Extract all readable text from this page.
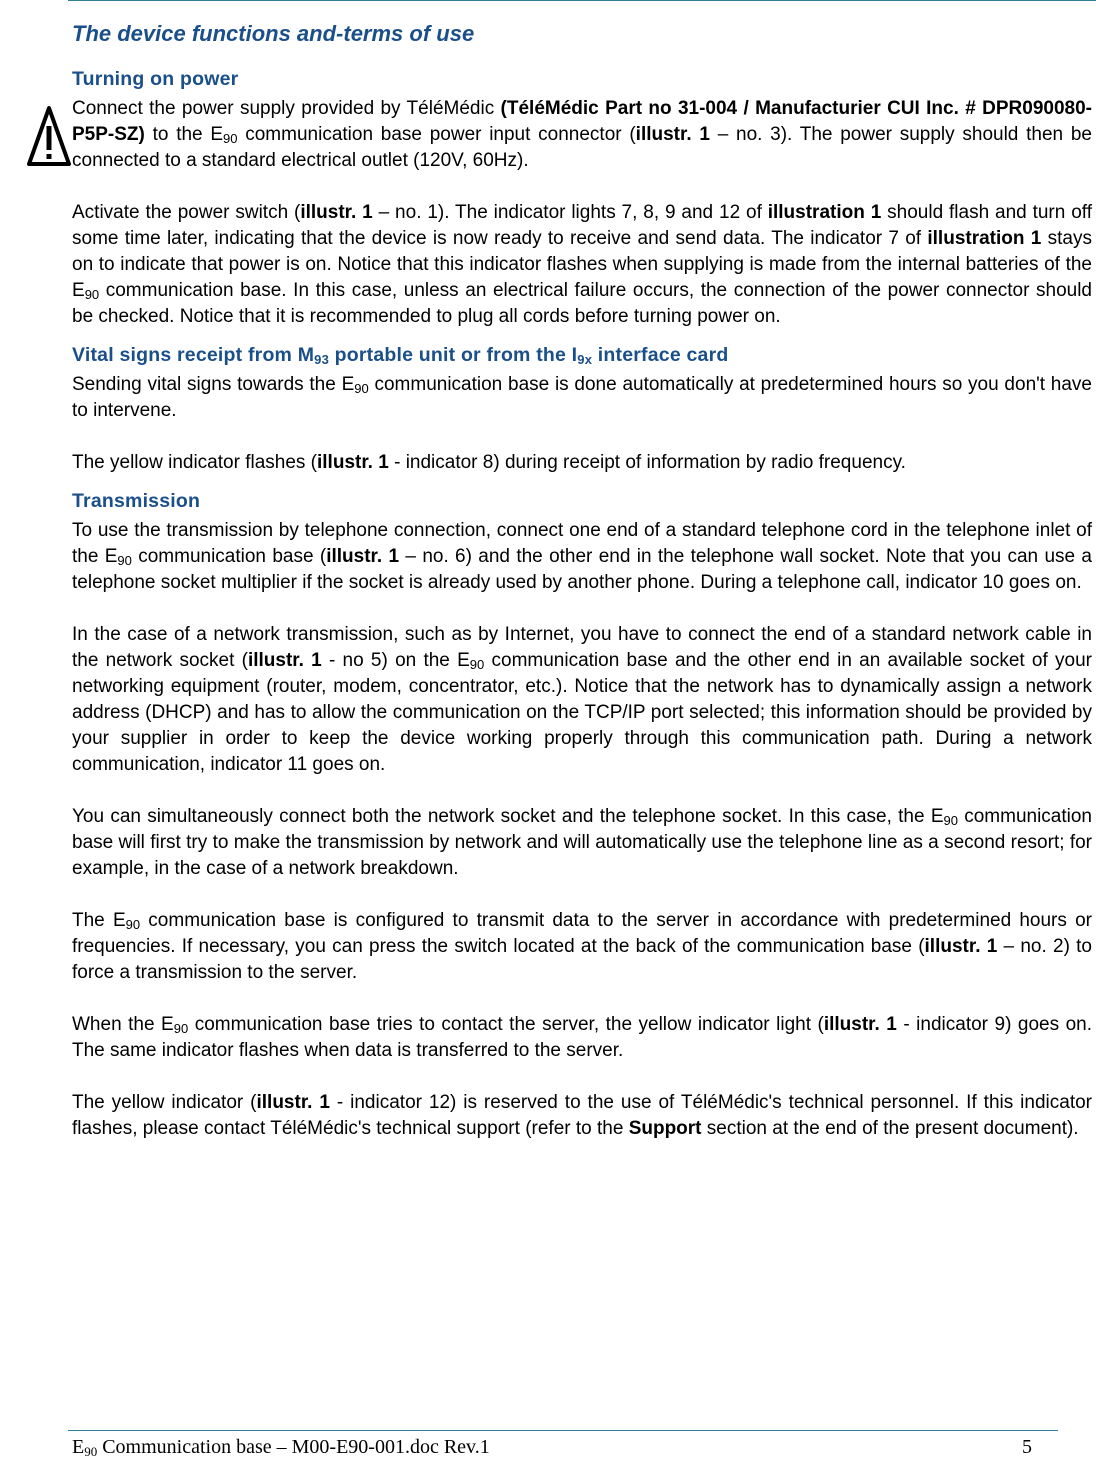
The device functions and-terms of use
Turning on power

Connect the power supply provided by TéléMédic (TéléMédic Part no 31-004 / Manufacturier CUI Inc. # DPR090080-P5P-SZ) to the $E_{90}$ communication base power input connector (illustr. 1 – no. 3). The power supply should then be connected to a standard electrical outlet (120V, 60Hz).

Activate the power switch (illustr. 1 – no. 1). The indicator lights 7, 8, 9 and 12 of illustration 1 should flash and turn off some time later, indicating that the device is now ready to receive and send data. The indicator 7 of illustration 1 stays on to indicate that power is on. Notice that this indicator flashes when supplying is made from the internal batteries of the $E_{90}$ communication base. In this case, unless an electrical failure occurs, the connection of the power connector should be checked. Notice that it is recommended to plug all cords before turning power on.

Vital signs receipt from $M_{93}$ portable unit or from the $I_{9x}$ interface card

Sending vital signs towards the $E_{90}$ communication base is done automatically at predetermined hours so you don't have to intervene.

The yellow indicator flashes (illustr. 1 - indicator 8) during receipt of information by radio frequency.

Transmission

To use the transmission by telephone connection, connect one end of a standard telephone cord in the telephone inlet of the $E_{90}$ communication base (illustr. 1 – no. 6) and the other end in the telephone wall socket. Note that you can use a telephone socket multiplier if the socket is already used by another phone. During a telephone call, indicator 10 goes on.

In the case of a network transmission, such as by Internet, you have to connect the end of a standard network cable in the network socket (illustr. 1 - no 5) on the $E_{90}$ communication base and the other end in an available socket of your networking equipment (router, modem, concentrator, etc.). Notice that the network has to dynamically assign a network address (DHCP) and has to allow the communication on the TCP/IP port selected; this information should be provided by your supplier in order to keep the device working properly through this communication path. During a network communication, indicator 11 goes on.

You can simultaneously connect both the network socket and the telephone socket. In this case, the $E_{90}$ communication base will first try to make the transmission by network and will automatically use the telephone line as a second resort; for example, in the case of a network breakdown.

The $E_{90}$ communication base is configured to transmit data to the server in accordance with predetermined hours or frequencies. If necessary, you can press the switch located at the back of the communication base (illustr. 1 – no. 2) to force a transmission to the server.

When the $E_{90}$ communication base tries to contact the server, the yellow indicator light (illustr. 1 - indicator 9) goes on. The same indicator flashes when data is transferred to the server.

The yellow indicator (illustr. 1 - indicator 12) is reserved to the use of TéléMédic's technical personnel. If this indicator flashes, please contact TéléMédic's technical support (refer to the Support section at the end of the present document).

$E_{90}$ Communication base – M00-E90-001.doc Rev.1	5
